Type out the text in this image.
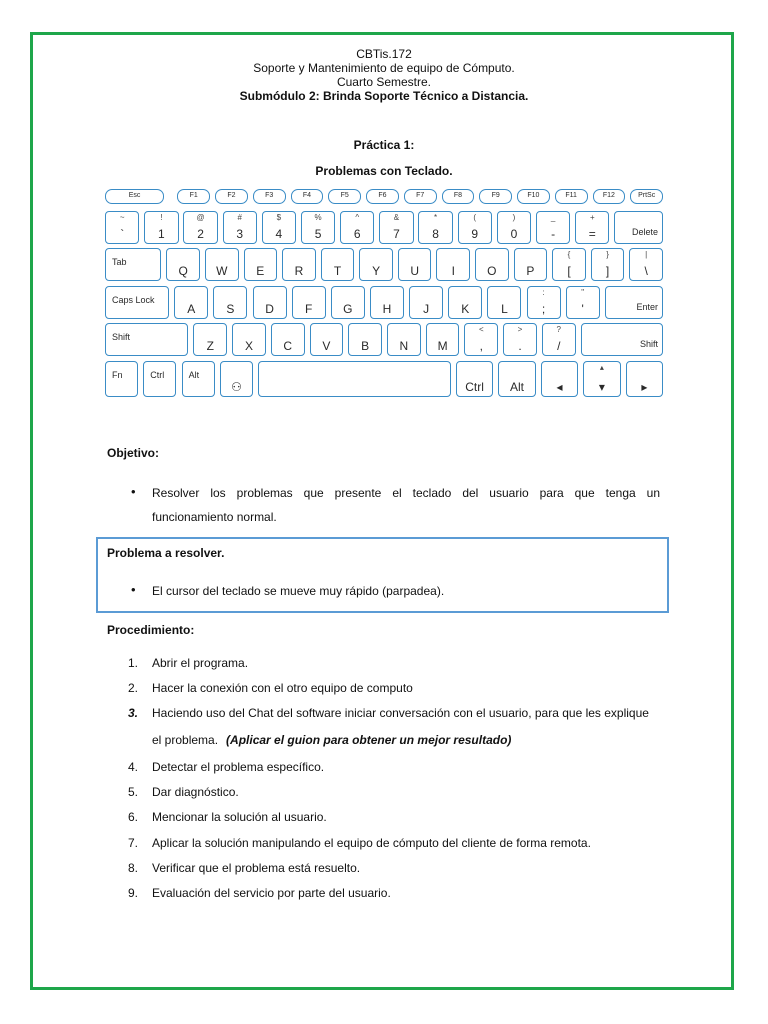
CBTis.172
Soporte y Mantenimiento de equipo de Cómputo.
Cuarto Semestre.
Submódulo 2: Brinda Soporte Técnico a Distancia.
Práctica 1:
Problemas con Teclado.
Esc	F1	F2	F3	F4	F5	F6	F7	F8	F9	F10	F11	F12	PrtSc
~
`
!
1
@
2
#
3
$
4
%
5
^
6
&
7
*
8
(
9
)
0
_
-
+
=	Delete
Tab
Q	W	E	R	T	Y	U	I	O	P
{
[
}
]
|
\
Caps Lock
A	S	D	F	G	H	J	K	L
:
;
"
'	Enter
Shift
Z	X	C	V	B	N	M
<
,
>
.
?
/	Shift
Fn	Ctrl	Alt
⚇	Ctrl	Alt	◂
▴
▾	▸
Objetivo:
• Resolver los problemas que presente el teclado del usuario para que tenga un
funcionamiento normal.
Problema a resolver.
• El cursor del teclado se mueve muy rápido (parpadea).
Procedimiento:
1. Abrir el programa.
2. Hacer la conexión con el otro equipo de computo
3. Haciendo uso del Chat del software iniciar conversación con el usuario, para que les explique
el problema. (Aplicar el guion para obtener un mejor resultado)
4. Detectar el problema específico.
5. Dar diagnóstico.
6. Mencionar la solución al usuario.
7. Aplicar la solución manipulando el equipo de cómputo del cliente de forma remota.
8. Verificar que el problema está resuelto.
9. Evaluación del servicio por parte del usuario.
